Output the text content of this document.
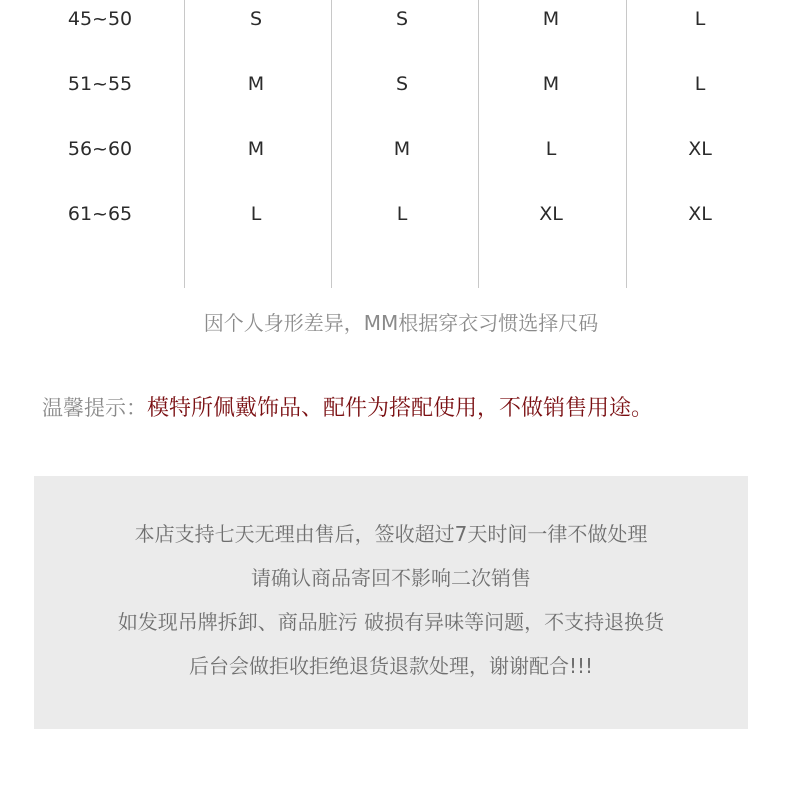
45~50	S	S	M	L
51~55	M	S	M	L
56~60	M	M	L	XL
61~65	L	L	XL	XL
因个人身形差异，MM根据穿衣习惯选择尺码
温馨提示：模特所佩戴饰品、配件为搭配使用，不做销售用途。
本店支持七天无理由售后，签收超过7天时间一律不做处理
请确认商品寄回不影响二次销售
如发现吊牌拆卸、商品脏污 破损有异味等问题，不支持退换货
后台会做拒收拒绝退货退款处理，谢谢配合!!!
